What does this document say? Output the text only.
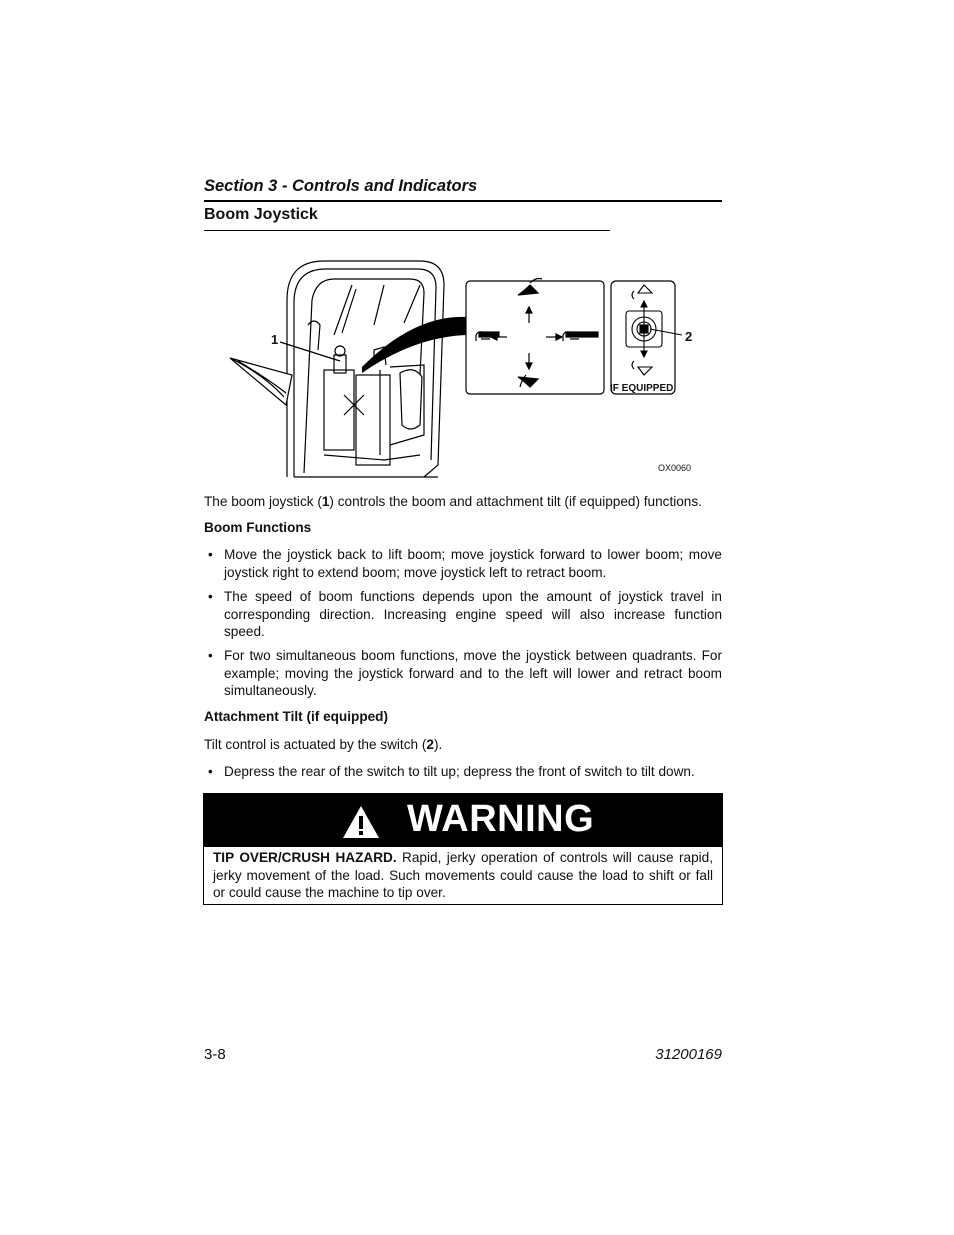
Section 3 - Controls and Indicators
Boom Joystick
1	2
IF EQUIPPED
OX0060
The boom joystick (1) controls the boom and attachment tilt (if equipped) functions.
Boom Functions
• Move the joystick back to lift boom; move joystick forward to lower boom; move joystick right to extend boom; move joystick left to retract boom.
• The speed of boom functions depends upon the amount of joystick travel in corresponding direction. Increasing engine speed will also increase function speed.
• For two simultaneous boom functions, move the joystick between quadrants. For example; moving the joystick forward and to the left will lower and retract boom simultaneously.
• Depress the rear of the switch to tilt up; depress the front of switch to tilt down.
Attachment Tilt (if equipped)
Tilt control is actuated by the switch (2).
WARNING
TIP OVER/CRUSH HAZARD. Rapid, jerky operation of controls will cause rapid, jerky movement of the load. Such movements could cause the load to shift or fall or could cause the machine to tip over.
3-8	31200169
